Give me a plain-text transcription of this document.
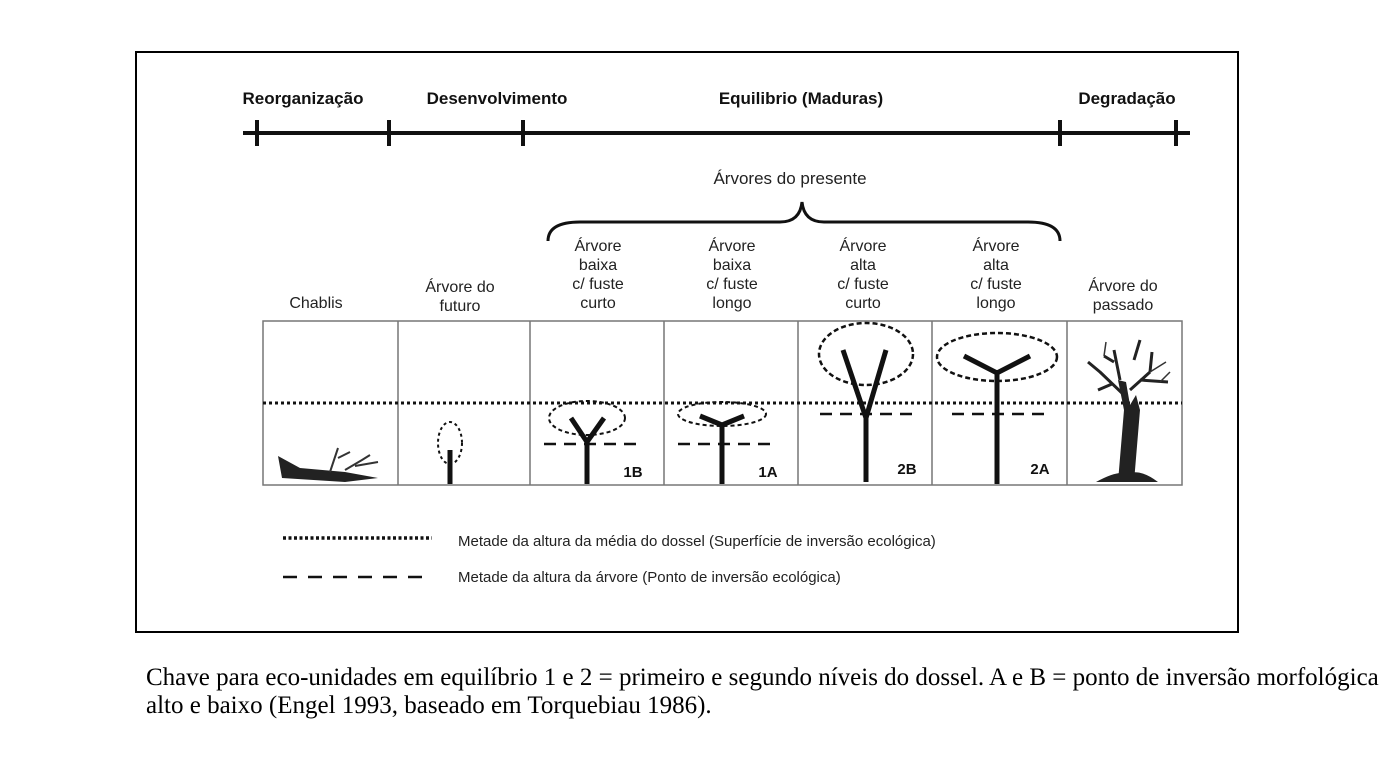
Reorganização	Desenvolvimento	Equilibrio (Maduras)	Degradação
Árvores do presente
Chablis
Árvore do
futuro
Árvore
baixa
c/ fuste
curto
Árvore
baixa
c/ fuste
longo
Árvore
alta
c/ fuste
curto
Árvore
alta
c/ fuste
longo
Árvore do
passado
1B	1A	2B	2A
Metade da altura da média do dossel (Superfície de inversão ecológica)
Metade da altura da árvore (Ponto de inversão ecológica)

Chave para eco-unidades em equilíbrio 1 e 2 = primeiro e segundo níveis do dossel. A e B = ponto de inversão morfológica alto e baixo (Engel 1993, baseado em Torquebiau 1986).
